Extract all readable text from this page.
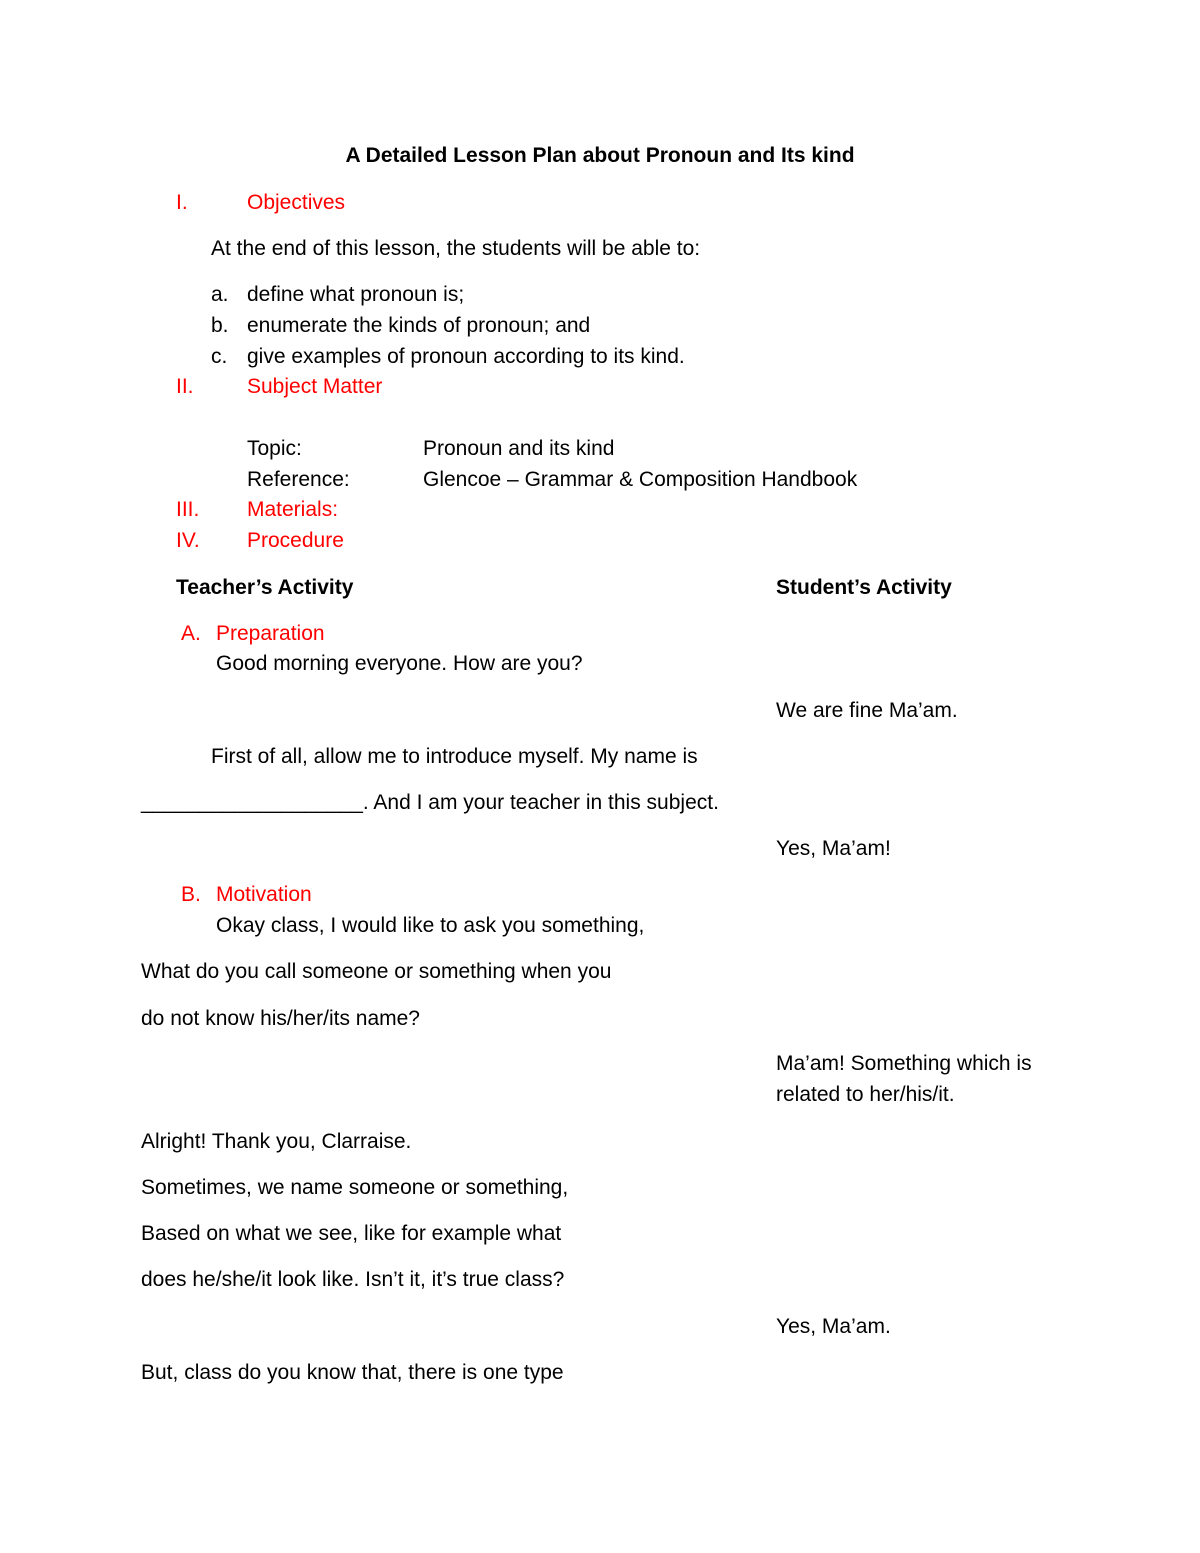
A Detailed Lesson Plan about Pronoun and Its kind
I.	Objectives
At the end of this lesson, the students will be able to:
a. define what pronoun is;
b. enumerate the kinds of pronoun; and
c. give examples of pronoun according to its kind.
II.	Subject Matter
Topic:	Pronoun and its kind
Reference:	Glencoe – Grammar & Composition Handbook
III. Materials:
IV. Procedure
Teacher’s Activity	Student’s Activity
A. Preparation
Good morning everyone. How are you?
We are fine Ma’am.
First of all, allow me to introduce myself. My name is
___________________. And I am your teacher in this subject.
Yes, Ma’am!
B. Motivation
Okay class, I would like to ask you something,
What do you call someone or something when you
do not know his/her/its name?
Ma’am! Something which is
related to her/his/it.
Alright! Thank you, Clarraise.
Sometimes, we name someone or something,
Based on what we see, like for example what
does he/she/it look like. Isn’t it, it’s true class?
Yes, Ma’am.
But, class do you know that, there is one type
